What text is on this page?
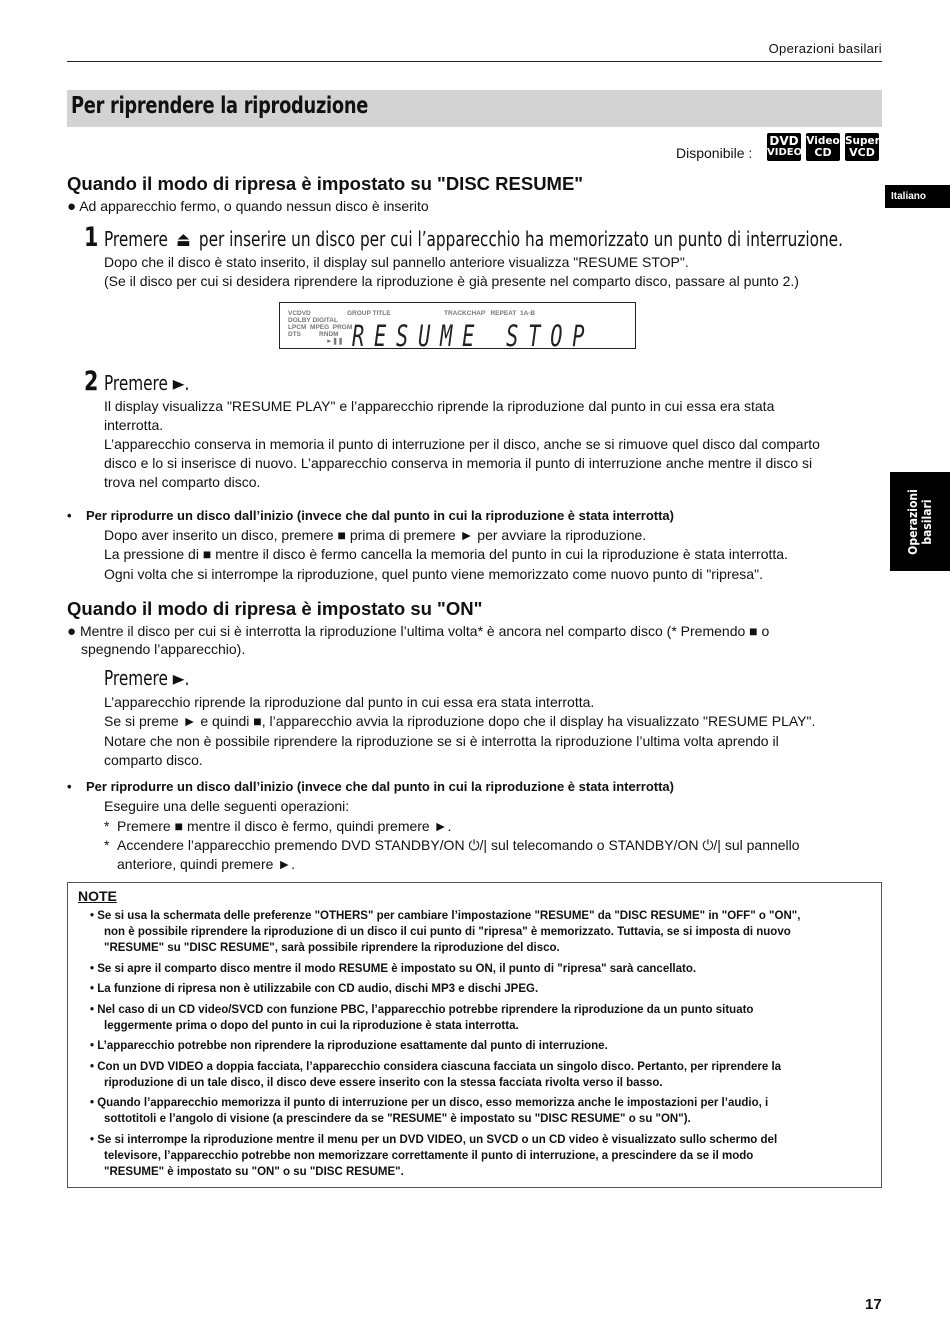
Operazioni basilari
Per riprendere la riproduzione
Disponibile :
DVD
VIDEO
Video
CD
Super
VCD
Italiano
Operazioni
basilari
Quando il modo di ripresa è impostato su "DISC RESUME"
● Ad apparecchio fermo, o quando nessun disco è inserito
1 Premere ⏏ per inserire un disco per cui l’apparecchio ha memorizzato un punto di interruzione.
Dopo che il disco è stato inserito, il display sul pannello anteriore visualizza "RESUME STOP".
(Se il disco per cui si desidera riprendere la riproduzione è già presente nel comparto disco, passare al punto 2.)
VCDVD
DOLBY DIGITAL
LPCM  MPEG  PRGM
DTS          RNDM
►❚❚
GROUP TITLE	TRACKCHAP   REPEAT  1A-B
RESUME STOP
2 Premere ►.
Il display visualizza "RESUME PLAY" e l’apparecchio riprende la riproduzione dal punto in cui essa era stata
interrotta.
L’apparecchio conserva in memoria il punto di interruzione per il disco, anche se si rimuove quel disco dal comparto
disco e lo si inserisce di nuovo. L’apparecchio conserva in memoria il punto di interruzione anche mentre il disco si
trova nel comparto disco.
• Per riprodurre un disco dall’inizio (invece che dal punto in cui la riproduzione è stata interrotta)
Dopo aver inserito un disco, premere ■ prima di premere ► per avviare la riproduzione.
La pressione di ■ mentre il disco è fermo cancella la memoria del punto in cui la riproduzione è stata interrotta.
Ogni volta che si interrompe la riproduzione, quel punto viene memorizzato come nuovo punto di "ripresa".
Quando il modo di ripresa è impostato su "ON"
● Mentre il disco per cui si è interrotta la riproduzione l’ultima volta* è ancora nel comparto disco (* Premendo ■ o
spegnendo l’apparecchio).
Premere ►.
L’apparecchio riprende la riproduzione dal punto in cui essa era stata interrotta.
Se si preme ► e quindi ■, l’apparecchio avvia la riproduzione dopo che il display ha visualizzato "RESUME PLAY".
Notare che non è possibile riprendere la riproduzione se si è interrotta la riproduzione l’ultima volta aprendo il
comparto disco.
• Per riprodurre un disco dall’inizio (invece che dal punto in cui la riproduzione è stata interrotta)
Eseguire una delle seguenti operazioni:
* Premere ■ mentre il disco è fermo, quindi premere ►.
* Accendere l’apparecchio premendo DVD STANDBY/ON ⏻/| sul telecomando o STANDBY/ON ⏻/| sul pannello
anteriore, quindi premere ►.
NOTE
• Se si usa la schermata delle preferenze "OTHERS" per cambiare l’impostazione "RESUME" da "DISC RESUME" in "OFF" o "ON",
non è possibile riprendere la riproduzione di un disco il cui punto di "ripresa" è memorizzato. Tuttavia, se si imposta di nuovo
"RESUME" su "DISC RESUME", sarà possibile riprendere la riproduzione del disco.
• Se si apre il comparto disco mentre il modo RESUME è impostato su ON, il punto di "ripresa" sarà cancellato.
• La funzione di ripresa non è utilizzabile con CD audio, dischi MP3 e dischi JPEG.
• Nel caso di un CD video/SVCD con funzione PBC, l’apparecchio potrebbe riprendere la riproduzione da un punto situato
leggermente prima o dopo del punto in cui la riproduzione è stata interrotta.
• L’apparecchio potrebbe non riprendere la riproduzione esattamente dal punto di interruzione.
• Con un DVD VIDEO a doppia facciata, l’apparecchio considera ciascuna facciata un singolo disco. Pertanto, per riprendere la
riproduzione di un tale disco, il disco deve essere inserito con la stessa facciata rivolta verso il basso.
• Quando l’apparecchio memorizza il punto di interruzione per un disco, esso memorizza anche le impostazioni per l’audio, i
sottotitoli e l’angolo di visione (a prescindere da se "RESUME" è impostato su "DISC RESUME" o su "ON").
• Se si interrompe la riproduzione mentre il menu per un DVD VIDEO, un SVCD o un CD video è visualizzato sullo schermo del
televisore, l’apparecchio potrebbe non memorizzare correttamente il punto di interruzione, a prescindere da se il modo
"RESUME" è impostato su "ON" o su "DISC RESUME".
17
